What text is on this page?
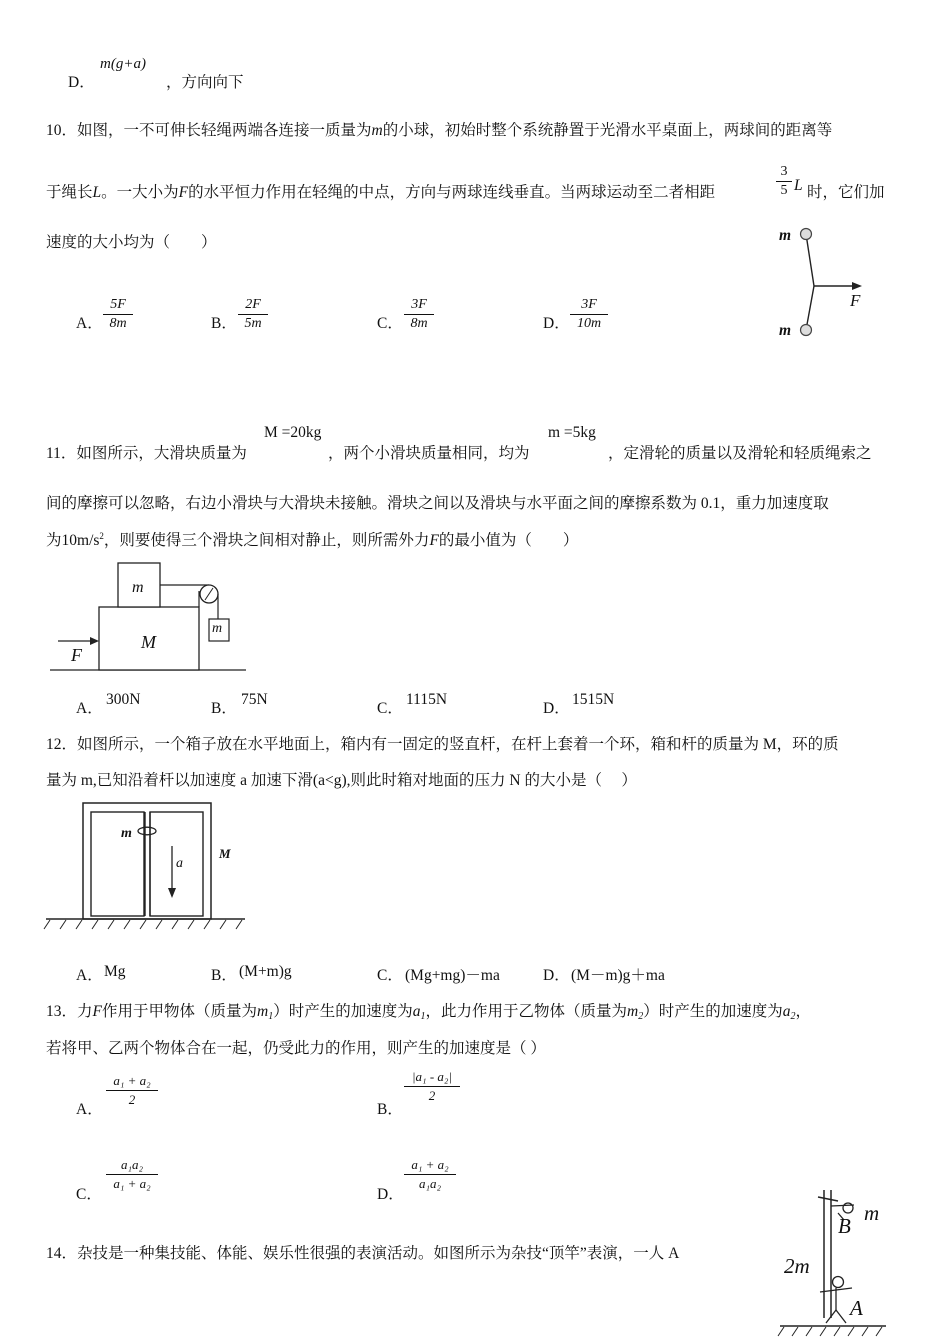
D．
m(g+a)
，方向向下
10．如图，一不可伸长轻绳两端各连接一质量为m的小球，初始时整个系统静置于光滑水平桌面上，两球间的距离等
于绳长L。一大小为F的水平恒力作用在轻绳的中点，方向与两球连线垂直。当两球运动至二者相距	$\frac{3}{5}$ L 时，它们加
速度的大小均为（　　）
A． $\frac{5F}{8m}$	B． $\frac{2F}{5m}$	C． $\frac{3F}{8m}$	D． $\frac{3F}{10m}$
m
m
F
11．如图所示，大滑块质量为
M =20kg
，两个小滑块质量相同，均为
m =5kg
，定滑轮的质量以及滑轮和轻质绳索之
间的摩擦可以忽略，右边小滑块与大滑块未接触。滑块之间以及滑块与水平面之间的摩擦系数为 0.1，重力加速度取
为$10m/s^2$，则要使得三个滑块之间相对静止，则所需外力F的最小值为（　　）
m
M
m
F
A．
300N
B．
75N
C．
1115N
D．
1515N
12．如图所示，一个箱子放在水平地面上，箱内有一固定的竖直杆，在杆上套着一个环，箱和杆的质量为 M，环的质
量为 m,已知沿着杆以加速度 a 加速下滑(a<g),则此时箱对地面的压力 N 的大小是（　 ）
m
a
M
A． Mg	B． (M+m)g	C． (Mg+mg)－ma	D． (M－m)g＋ma
13．力F作用于甲物体（质量为$m_1$）时产生的加速度为$a_1$，此力作用于乙物体（质量为$m_2$）时产生的加速度为$a_2$，
若将甲、乙两个物体合在一起，仍受此力的作用，则产生的加速度是（ ）
A．
$\frac{\text{a₁ + a₂}}{2}$
B．
$\frac{\text{|a₁ - a₂|}}{2}$
C．
$\frac{\text{a₁a₂}}{\text{a₁ + a₂}}$
D．
$\frac{\text{a₁ + a₂}}{\text{a₁a₂}}$
14．杂技是一种集技能、体能、娱乐性很强的表演活动。如图所示为杂技“顶竿”表演，一人 A
B
m
2m
A
